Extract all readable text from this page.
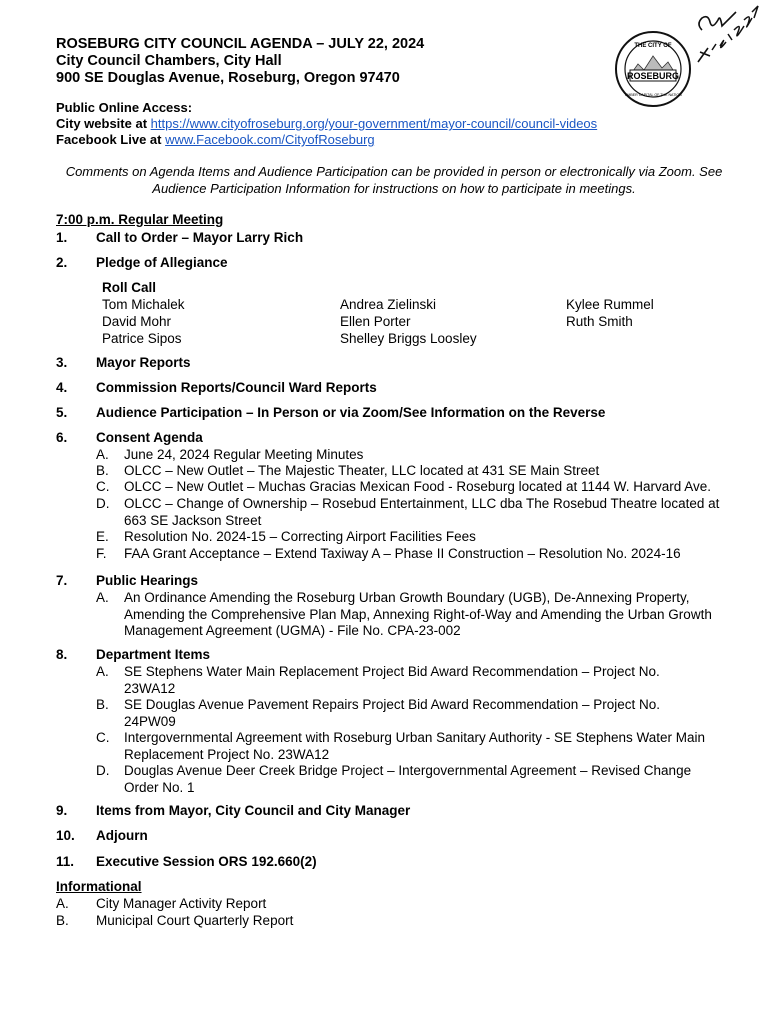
ROSEBURG CITY COUNCIL AGENDA – JULY 22, 2024
City Council Chambers, City Hall
900 SE Douglas Avenue, Roseburg, Oregon 97470	ROSEBURG
THE CITY OF
TIMBER CAPITAL OF THE NATION
Public Online Access:
City website at https://www.cityofroseburg.org/your-government/mayor-council/council-videos
Facebook Live at www.Facebook.com/CityofRoseburg
Comments on Agenda Items and Audience Participation can be provided in person or electronically via Zoom. See
Audience Participation Information for instructions on how to participate in meetings.
7:00 p.m. Regular Meeting
1. Call to Order – Mayor Larry Rich
2. Pledge of Allegiance
Roll Call
Tom Michalek
David Mohr
Patrice Sipos
Andrea Zielinski
Ellen Porter
Shelley Briggs Loosley
Kylee Rummel
Ruth Smith
3. Mayor Reports
4. Commission Reports/Council Ward Reports
5. Audience Participation – In Person or via Zoom/See Information on the Reverse
6. Consent Agenda
A. June 24, 2024 Regular Meeting Minutes
B. OLCC – New Outlet – The Majestic Theater, LLC located at 431 SE Main Street
C. OLCC – New Outlet – Muchas Gracias Mexican Food - Roseburg located at 1144 W. Harvard Ave.
D. OLCC – Change of Ownership – Rosebud Entertainment, LLC dba The Rosebud Theatre located at 663 SE Jackson Street
E. Resolution No. 2024-15 – Correcting Airport Facilities Fees
F. FAA Grant Acceptance – Extend Taxiway A – Phase II Construction – Resolution No. 2024-16
7. Public Hearings
A. An Ordinance Amending the Roseburg Urban Growth Boundary (UGB), De-Annexing Property, Amending the Comprehensive Plan Map, Annexing Right-of-Way and Amending the Urban Growth Management Agreement (UGMA) - File No. CPA-23-002
8. Department Items
A. SE Stephens Water Main Replacement Project Bid Award Recommendation – Project No. 23WA12
B. SE Douglas Avenue Pavement Repairs Project Bid Award Recommendation – Project No. 24PW09
C. Intergovernmental Agreement with Roseburg Urban Sanitary Authority - SE Stephens Water Main Replacement Project No. 23WA12
D. Douglas Avenue Deer Creek Bridge Project – Intergovernmental Agreement – Revised Change Order No. 1
9. Items from Mayor, City Council and City Manager
10. Adjourn
11. Executive Session ORS 192.660(2)
Informational
A. City Manager Activity Report
B. Municipal Court Quarterly Report
